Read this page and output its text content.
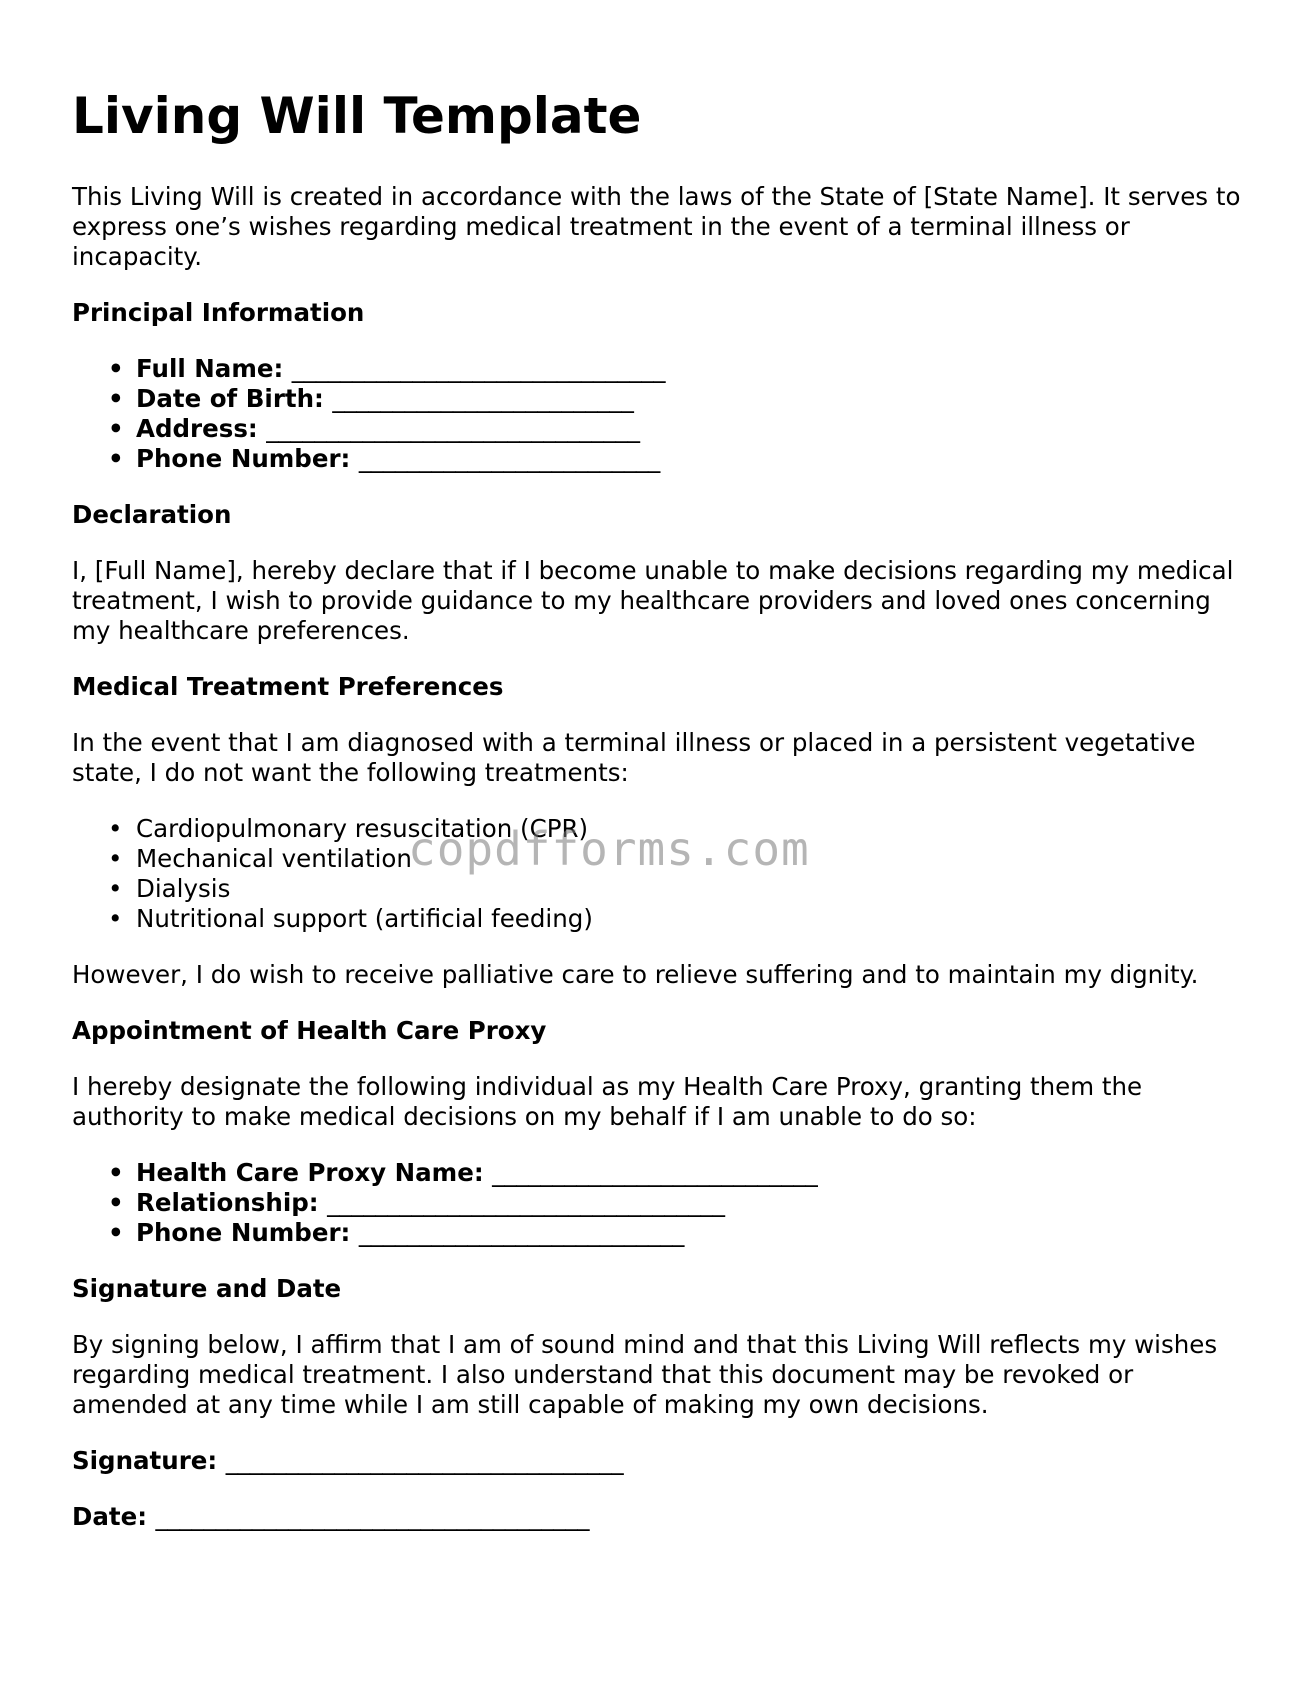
Living Will Template

This Living Will is created in accordance with the laws of the State of [State Name]. It serves to express one’s wishes regarding medical treatment in the event of a terminal illness or incapacity.

Principal Information
• Full Name: _______________________________
• Date of Birth: _________________________
• Address: _______________________________
• Phone Number: _________________________
Declaration

I, [Full Name], hereby declare that if I become unable to make decisions regarding my medical treatment, I wish to provide guidance to my healthcare providers and loved ones concerning my healthcare preferences.

Medical Treatment Preferences

In the event that I am diagnosed with a terminal illness or placed in a persistent vegetative state, I do not want the following treatments:

• Cardiopulmonary resuscitation (CPR)
• Mechanical ventilation
• Dialysis
• Nutritional support (artificial feeding)

However, I do wish to receive palliative care to relieve suffering and to maintain my dignity.

Appointment of Health Care Proxy

I hereby designate the following individual as my Health Care Proxy, granting them the authority to make medical decisions on my behalf if I am unable to do so:

• Health Care Proxy Name: ___________________________
• Relationship: _________________________________
• Phone Number: ___________________________
Signature and Date

By signing below, I affirm that I am of sound mind and that this Living Will reflects my wishes regarding medical treatment. I also understand that this document may be revoked or amended at any time while I am still capable of making my own decisions.

Signature: _________________________________
Date: ____________________________________
copdfforms.com
